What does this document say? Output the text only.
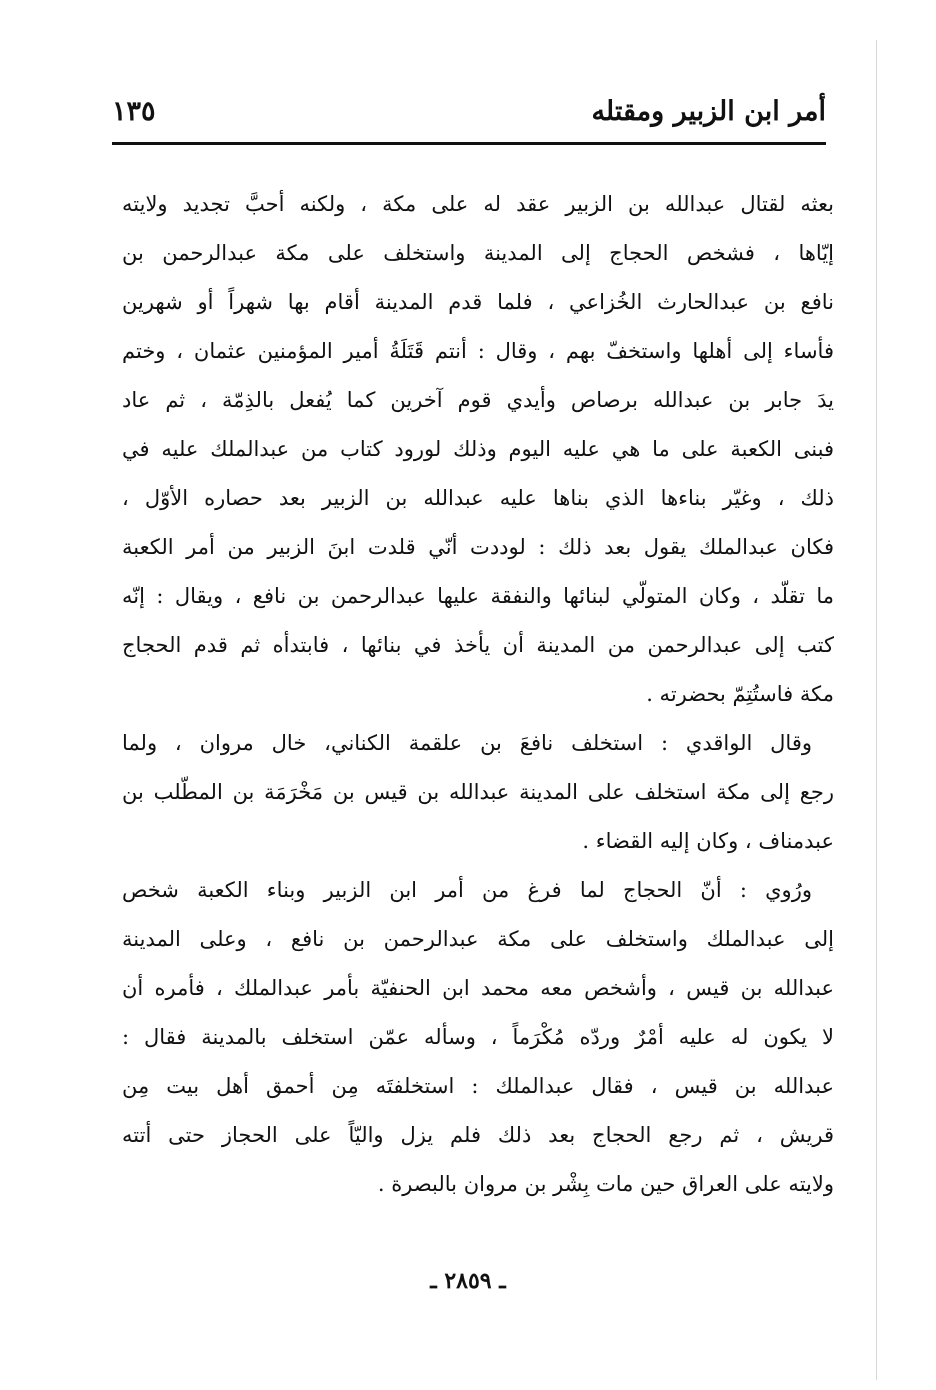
أمر ابن الزبير ومقتله
١٣٥
بعثه لقتال عبدالله بن الزبير عقد له على مكة ، ولكنه أحبَّ تجديد ولايته
إيّاها ، فشخص الحجاج إلى المدينة واستخلف على مكة عبدالرحمن بن
نافع بن عبدالحارث الخُزاعي ، فلما قدم المدينة أقام بها شهراً أو شهرين
فأساء إلى أهلها واستخفّ بهم ، وقال : أنتم قَتَلَةُ أمير المؤمنين عثمان ، وختم
يدَ جابر بن عبدالله برصاص وأيدي قوم آخرين كما يُفعل بالذِمّة ، ثم عاد
فبنى الكعبة على ما هي عليه اليوم وذلك لورود كتاب من عبدالملك عليه في
ذلك ، وغيّر بناءها الذي بناها عليه عبدالله بن الزبير بعد حصاره الأوّل ،
فكان عبدالملك يقول بعد ذلك : لوددت أنّي قلدت ابنَ الزبير من أمر الكعبة
ما تقلّد ، وكان المتولّي لبنائها والنفقة عليها عبدالرحمن بن نافع ، ويقال : إنّه
كتب إلى عبدالرحمن من المدينة أن يأخذ في بنائها ، فابتدأه ثم قدم الحجاج
مكة فاستُتِمّ بحضرته .
وقال الواقدي : استخلف نافعَ بن علقمة الكناني، خال مروان ، ولما
رجع إلى مكة استخلف على المدينة عبدالله بن قيس بن مَخْرَمَة بن المطّلب بن
عبدمناف ، وكان إليه القضاء .
ورُوي : أنّ الحجاج لما فرغ من أمر ابن الزبير وبناء الكعبة شخص
إلى عبدالملك واستخلف على مكة عبدالرحمن بن نافع ، وعلى المدينة
عبدالله بن قيس ، وأشخص معه محمد ابن الحنفيّة بأمر عبدالملك ، فأمره أن
لا يكون له عليه أمْرٌ وردّه مُكْرَماً ، وسأله عمّن استخلف بالمدينة فقال :
عبدالله بن قيس ، فقال عبدالملك : استخلفتَه مِن أحمق أهل بيت مِن
قريش ، ثم رجع الحجاج بعد ذلك فلم يزل واليّاً على الحجاز حتى أتته
ولايته على العراق حين مات بِشْر بن مروان بالبصرة .
ـ ٢٨٥٩ ـ
